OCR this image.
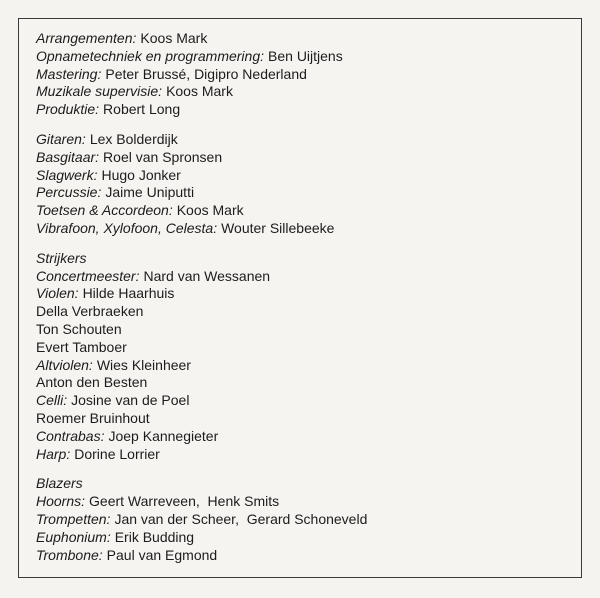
Arrangementen: Koos Mark
Opnametechniek en programmering: Ben Uijtjens
Mastering: Peter Brussé, Digipro Nederland
Muzikale supervisie: Koos Mark
Produktie: Robert Long
Gitaren: Lex Bolderdijk
Basgitaar: Roel van Spronsen
Slagwerk: Hugo Jonker
Percussie: Jaime Uniputti
Toetsen & Accordeon: Koos Mark
Vibrafoon, Xylofoon, Celesta: Wouter Sillebeeke
Strijkers
Concertmeester: Nard van Wessanen
Violen: Hilde Haarhuis
Della Verbraeken
Ton Schouten
Evert Tamboer
Altviolen: Wies Kleinheer
Anton den Besten
Celli: Josine van de Poel
Roemer Bruinhout
Contrabas: Joep Kannegieter
Harp: Dorine Lorrier
Blazers
Hoorns: Geert Warreveen,  Henk Smits
Trompetten: Jan van der Scheer,  Gerard Schoneveld
Euphonium: Erik Budding
Trombone: Paul van Egmond
